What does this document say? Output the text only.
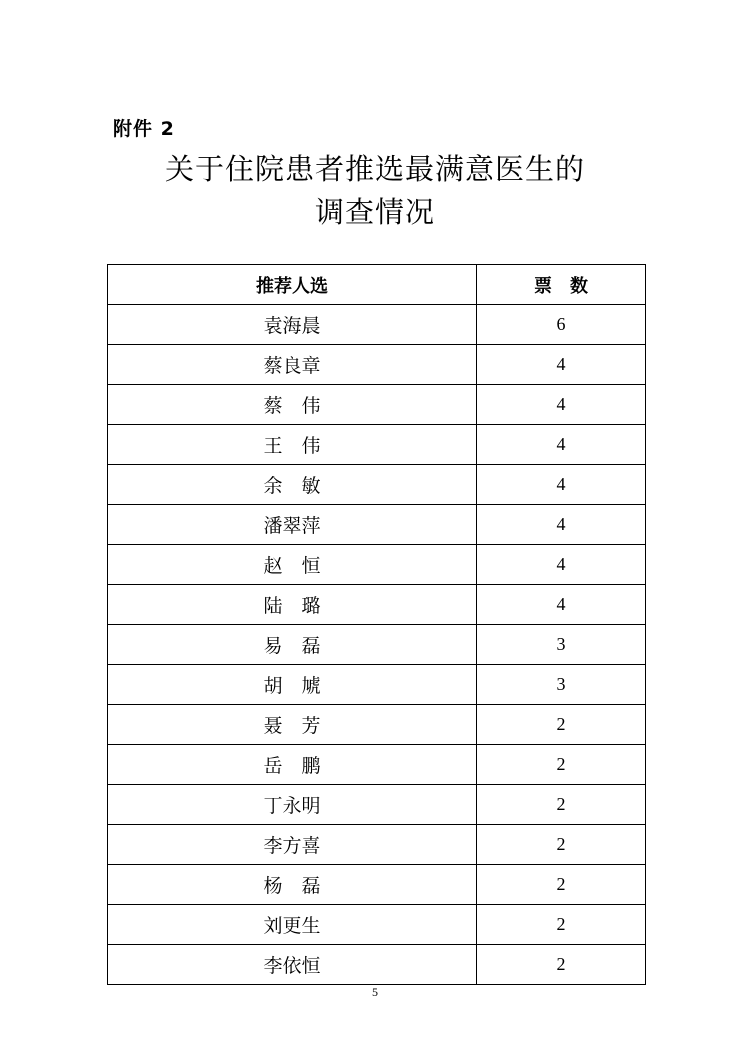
附件 2
关于住院患者推选最满意医生的
调查情况
推荐人选	票　数
袁海晨	6
蔡良章	4
蔡　伟	4
王　伟	4
余　敏	4
潘翠萍	4
赵　恒	4
陆　璐	4
易　磊	3
胡　虓	3
聂　芳	2
岳　鹏	2
丁永明	2
李方喜	2
杨　磊	2
刘更生	2
李依恒	2
5
